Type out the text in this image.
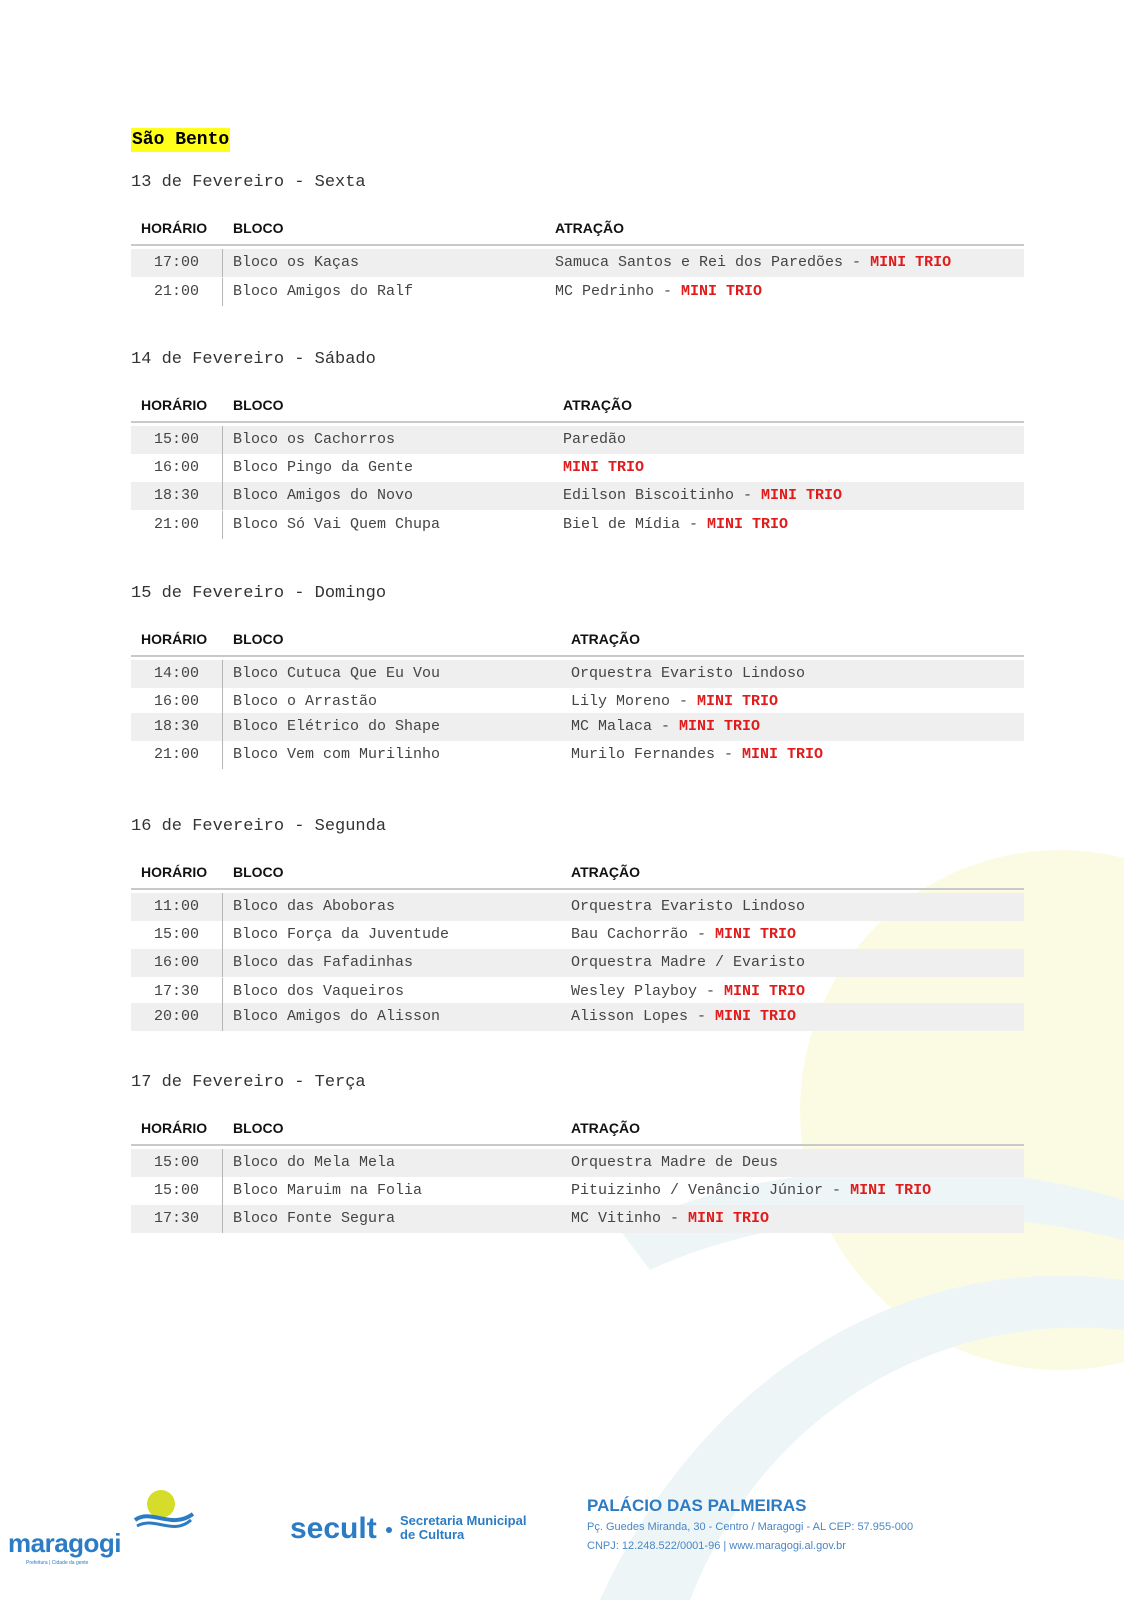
São Bento
13 de Fevereiro - Sexta
HORÁRIO BLOCO	ATRAÇÃO
17:00	Bloco os Kaças	Samuca Santos e Rei dos Paredões - MINI TRIO
21:00	Bloco Amigos do Ralf	MC Pedrinho - MINI TRIO
14 de Fevereiro - Sábado
HORÁRIO BLOCO	ATRAÇÃO
15:00	Bloco os Cachorros	Paredão
16:00	Bloco Pingo da Gente	MINI TRIO
18:30	Bloco Amigos do Novo	Edilson Biscoitinho - MINI TRIO
21:00	Bloco Só Vai Quem Chupa	Biel de Mídia - MINI TRIO
15 de Fevereiro - Domingo
HORÁRIO BLOCO	ATRAÇÃO
14:00	Bloco Cutuca Que Eu Vou	Orquestra Evaristo Lindoso
16:00	Bloco o Arrastão	Lily Moreno - MINI TRIO
18:30	Bloco Elétrico do Shape	MC Malaca - MINI TRIO
21:00	Bloco Vem com Murilinho	Murilo Fernandes - MINI TRIO
16 de Fevereiro - Segunda
HORÁRIO BLOCO	ATRAÇÃO
11:00	Bloco das Aboboras	Orquestra Evaristo Lindoso
15:00	Bloco Força da Juventude	Bau Cachorrão - MINI TRIO
16:00	Bloco das Fafadinhas	Orquestra Madre / Evaristo
17:30	Bloco dos Vaqueiros	Wesley Playboy - MINI TRIO
20:00	Bloco Amigos do Alisson	Alisson Lopes - MINI TRIO
17 de Fevereiro - Terça
HORÁRIO BLOCO	ATRAÇÃO
15:00	Bloco do Mela Mela	Orquestra Madre de Deus
15:00	Bloco Maruim na Folia	Pituizinho / Venâncio Júnior - MINI TRIO
17:30	Bloco Fonte Segura	MC Vitinho - MINI TRIO
maragogi
Prefeitura | Cidade da gente
secult Secretaria Municipal de Cultura
PALÁCIO DAS PALMEIRAS
Pç. Guedes Miranda, 30 - Centro / Maragogi - AL CEP: 57.955-000
CNPJ: 12.248.522/0001-96 | www.maragogi.al.gov.br
